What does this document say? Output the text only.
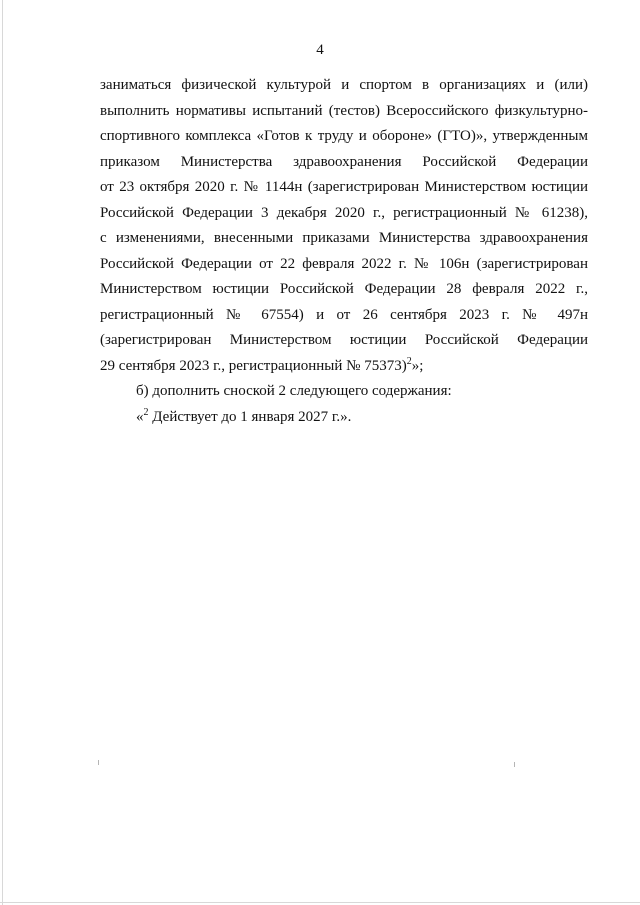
4
заниматься физической культурой и спортом в организациях и (или)
выполнить нормативы испытаний (тестов) Всероссийского физкультурно-
спортивного комплекса «Готов к труду и обороне» (ГТО)», утвержденным
приказом Министерства здравоохранения Российской Федерации
от 23 октября 2020 г. № 1144н (зарегистрирован Министерством юстиции
Российской Федерации 3 декабря 2020 г., регистрационный № 61238),
с изменениями, внесенными приказами Министерства здравоохранения
Российской Федерации от 22 февраля 2022 г. № 106н (зарегистрирован
Министерством юстиции Российской Федерации 28 февраля 2022 г.,
регистрационный № 67554) и от 26 сентября 2023 г. № 497н
(зарегистрирован Министерством юстиции Российской Федерации
29 сентября 2023 г., регистрационный № 75373)$^2$»;
б) дополнить сноской 2 следующего содержания:
«$^2$ Действует до 1 января 2027 г.».
